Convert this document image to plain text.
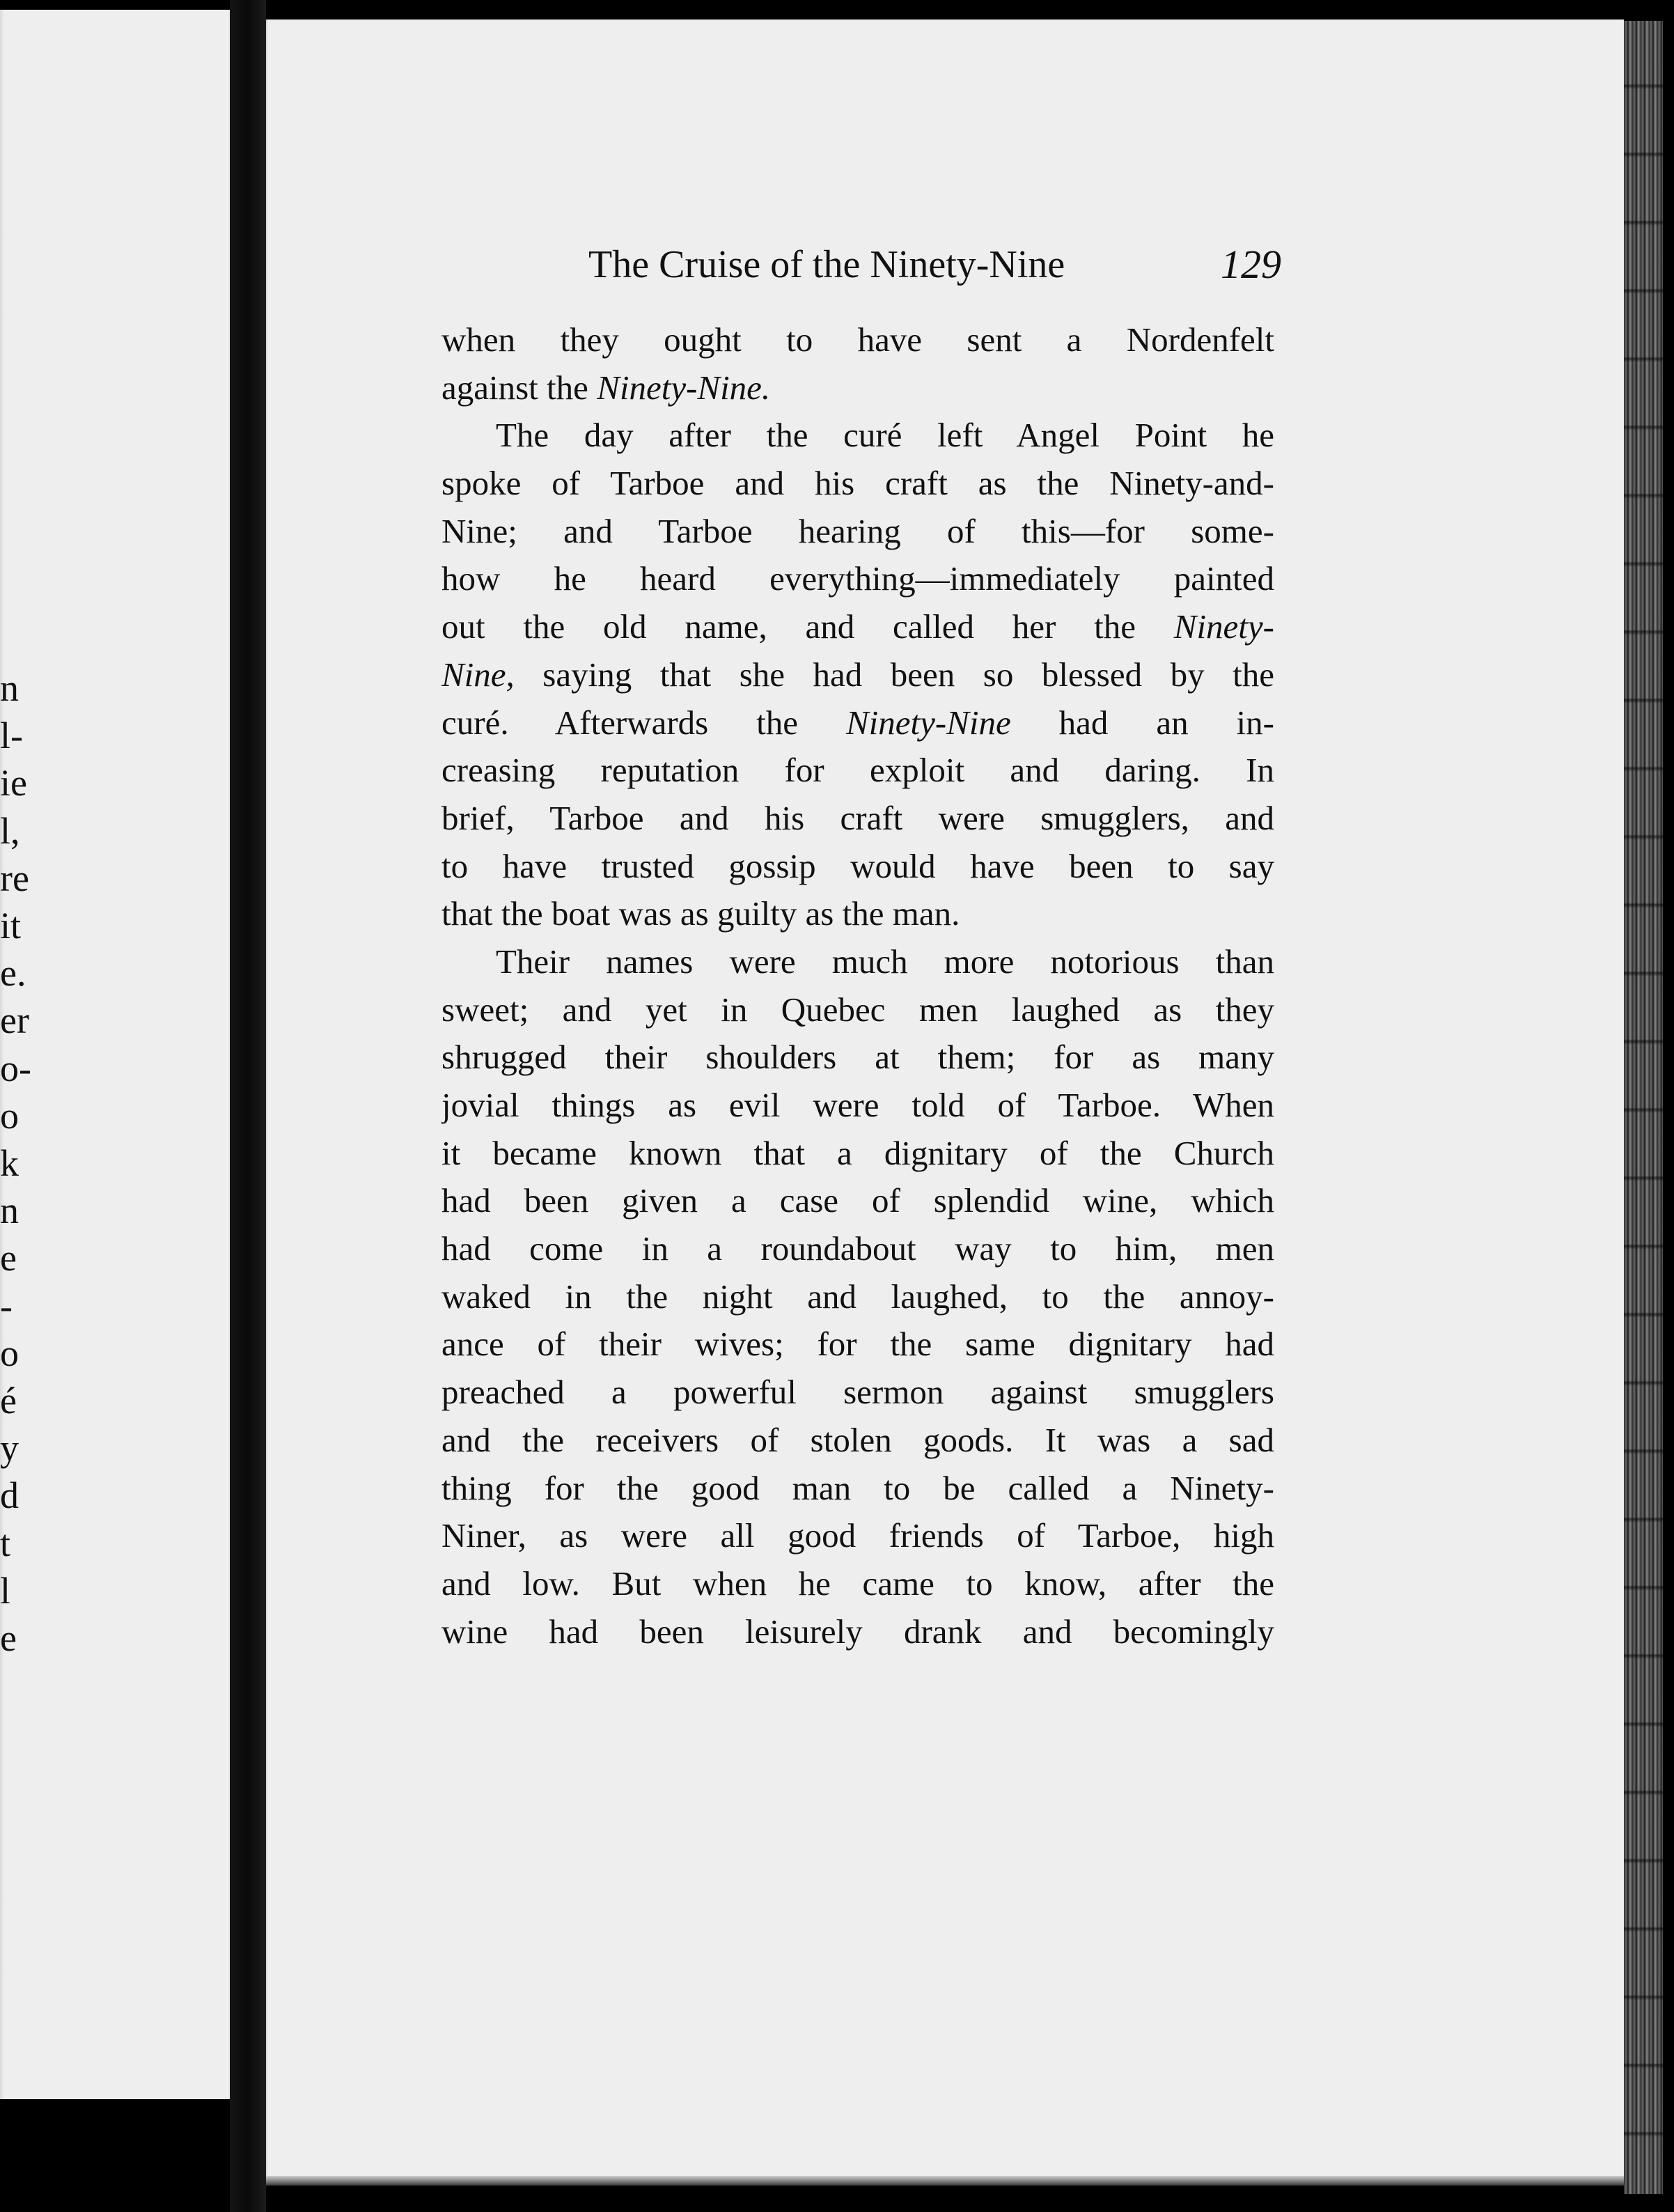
n
l-
ie
l,
re
it
e.
er
o-
o
k
n
e
-
o
é
y
d
t
l
e
The Cruise of the Ninety-Nine	129
when they ought to have sent a Nordenfelt
against the Ninety-Nine.
The day after the curé left Angel Point he
spoke of Tarboe and his craft as the Ninety-and-
Nine; and Tarboe hearing of this—for some-
how he heard everything—immediately painted
out the old name, and called her the Ninety-
Nine, saying that she had been so blessed by the
curé. Afterwards the Ninety-Nine had an in-
creasing reputation for exploit and daring. In
brief, Tarboe and his craft were smugglers, and
to have trusted gossip would have been to say
that the boat was as guilty as the man.
Their names were much more notorious than
sweet; and yet in Quebec men laughed as they
shrugged their shoulders at them; for as many
jovial things as evil were told of Tarboe. When
it became known that a dignitary of the Church
had been given a case of splendid wine, which
had come in a roundabout way to him, men
waked in the night and laughed, to the annoy-
ance of their wives; for the same dignitary had
preached a powerful sermon against smugglers
and the receivers of stolen goods. It was a sad
thing for the good man to be called a Ninety-
Niner, as were all good friends of Tarboe, high
and low. But when he came to know, after the
wine had been leisurely drank and becomingly
